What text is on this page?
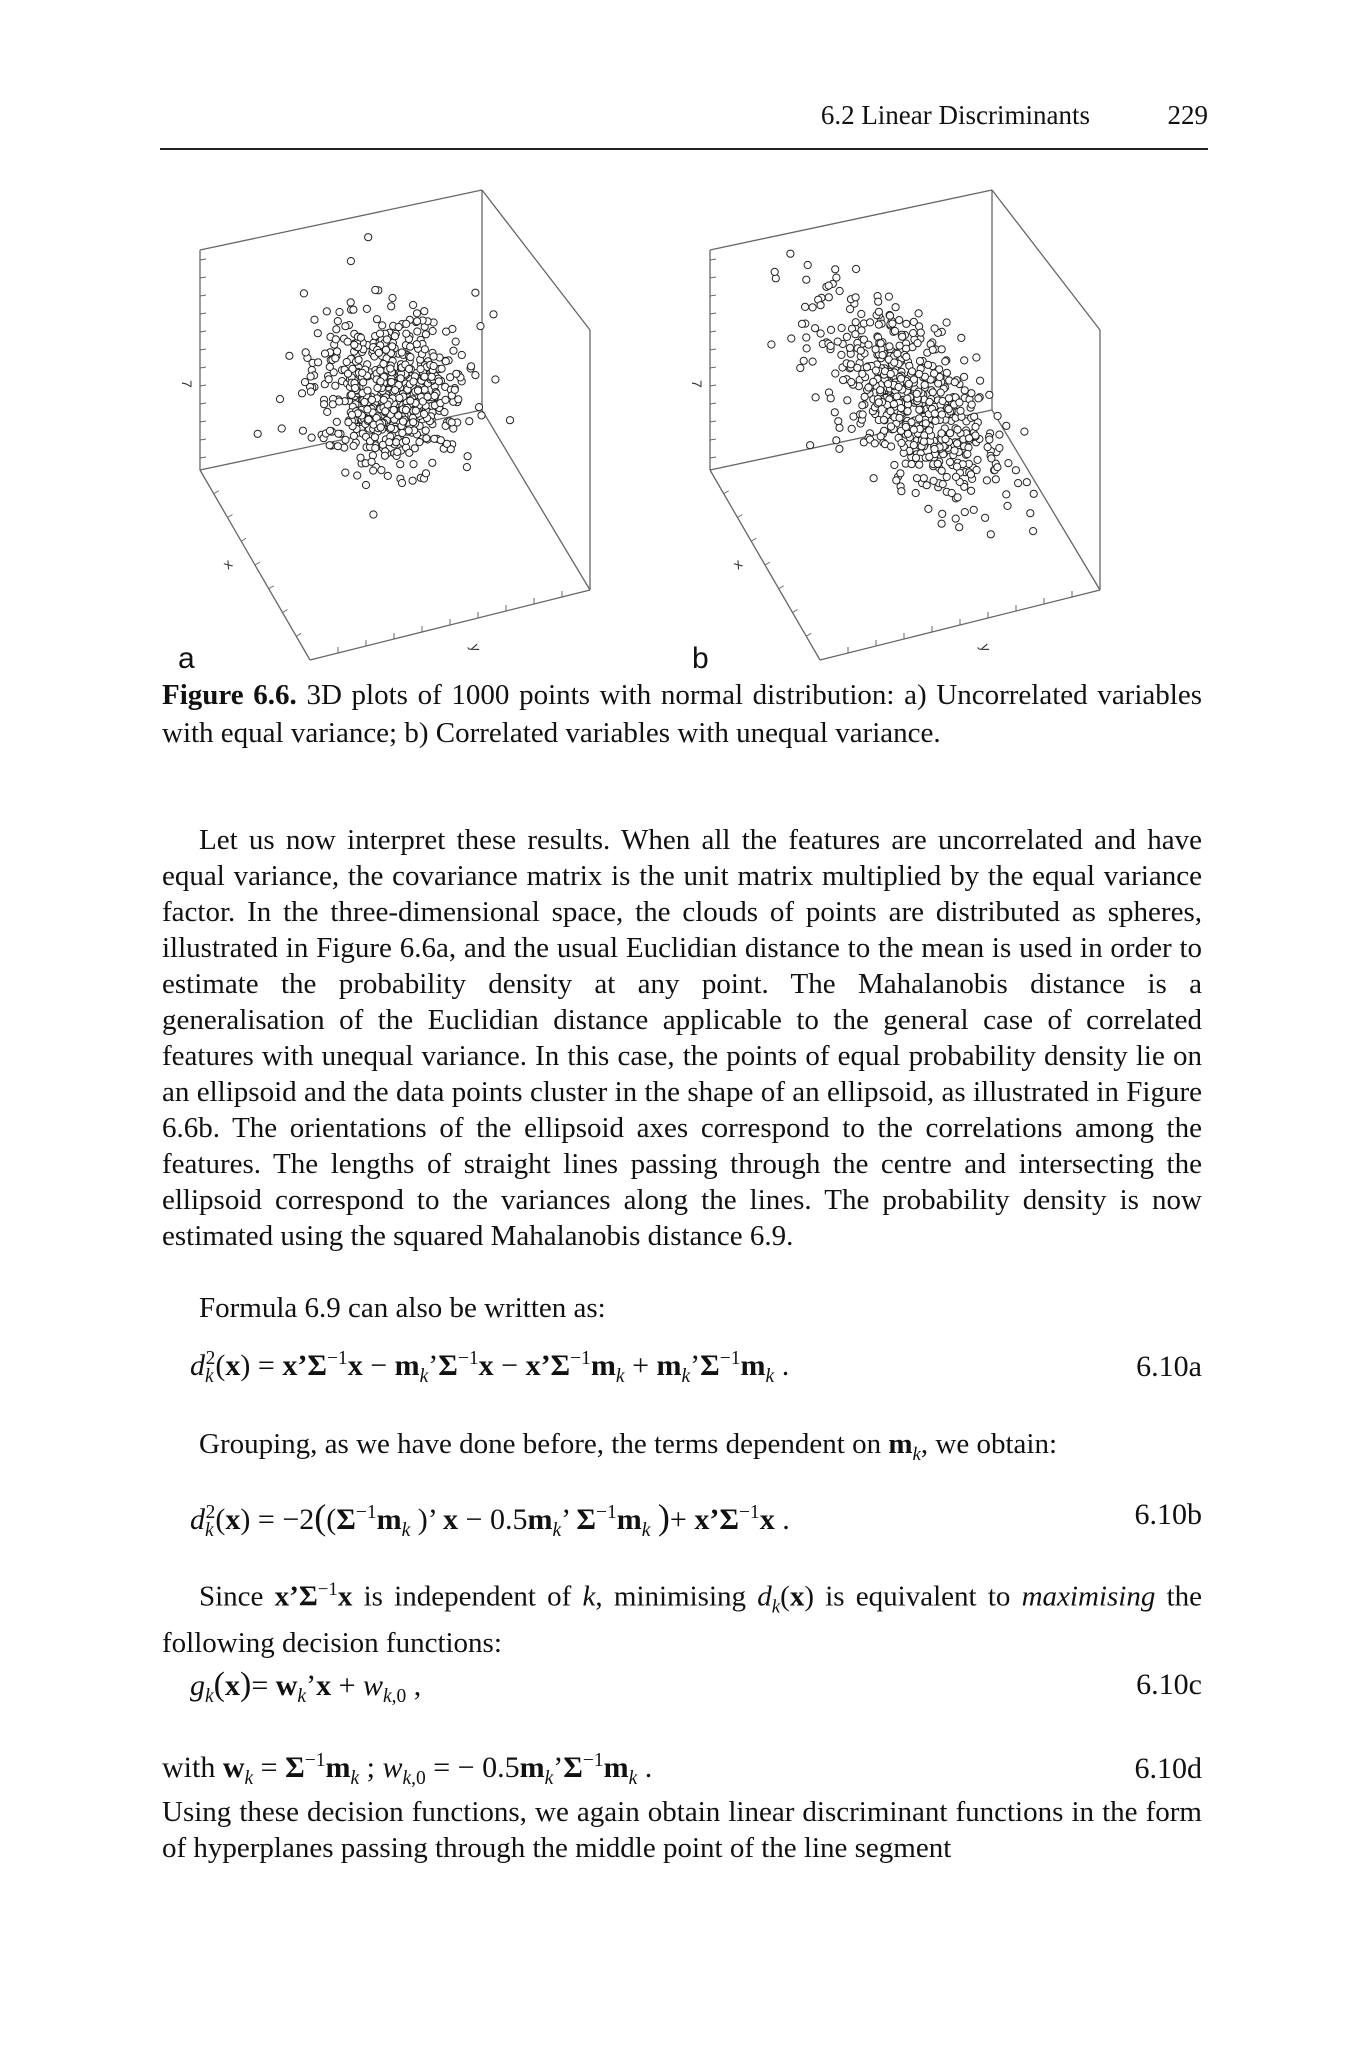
6.2 Linear Discriminants	229
7
x
y
7
x
y
a	b
Figure 6.6. 3D plots of 1000 points with normal distribution: a) Uncorrelated variables with equal variance; b) Correlated variables with unequal variance.
Let us now interpret these results. When all the features are uncorrelated and have equal variance, the covariance matrix is the unit matrix multiplied by the equal variance factor. In the three-dimensional space, the clouds of points are distributed as spheres, illustrated in Figure 6.6a, and the usual Euclidian distance to the mean is used in order to estimate the probability density at any point. The Mahalanobis distance is a generalisation of the Euclidian distance applicable to the general case of correlated features with unequal variance. In this case, the points of equal probability density lie on an ellipsoid and the data points cluster in the shape of an ellipsoid, as illustrated in Figure 6.6b. The orientations of the ellipsoid axes correspond to the correlations among the features. The lengths of straight lines passing through the centre and intersecting the ellipsoid correspond to the variances along the lines. The probability density is now estimated using the squared Mahalanobis distance 6.9.
Formula 6.9 can also be written as:
$d_k^2(x)$ = $x’\Sigma^{-1}x$ − $m_k’\Sigma^{-1}x$ − $x’\Sigma^{-1}m_k$ + $m_k’\Sigma^{-1}m_k$ .	6.10a
Grouping, as we have done before, the terms dependent on $m_k$, we obtain:
$d_k^2(x) = -2((\Sigma^{-1}m_k$ )’ $x - 0.5m_k$’ $\Sigma^{-1}m_k$ )+ $x’\Sigma^{-1}x$ .	6.10b
Since $x’\Sigma^{-1}x$ is independent of k, minimising $d_k(x)$ is equivalent to maximising the following decision functions:
$g_k(x)=$ $w_k’x + w_{k,0}$ ,	6.10c
with $w_k = \Sigma^{-1}m_k$ ; $w_{k,0}$ = − $0.5m_k’\Sigma^{-1}m_k$ .	6.10d
Using these decision functions, we again obtain linear discriminant functions in the form of hyperplanes passing through the middle point of the line segment
